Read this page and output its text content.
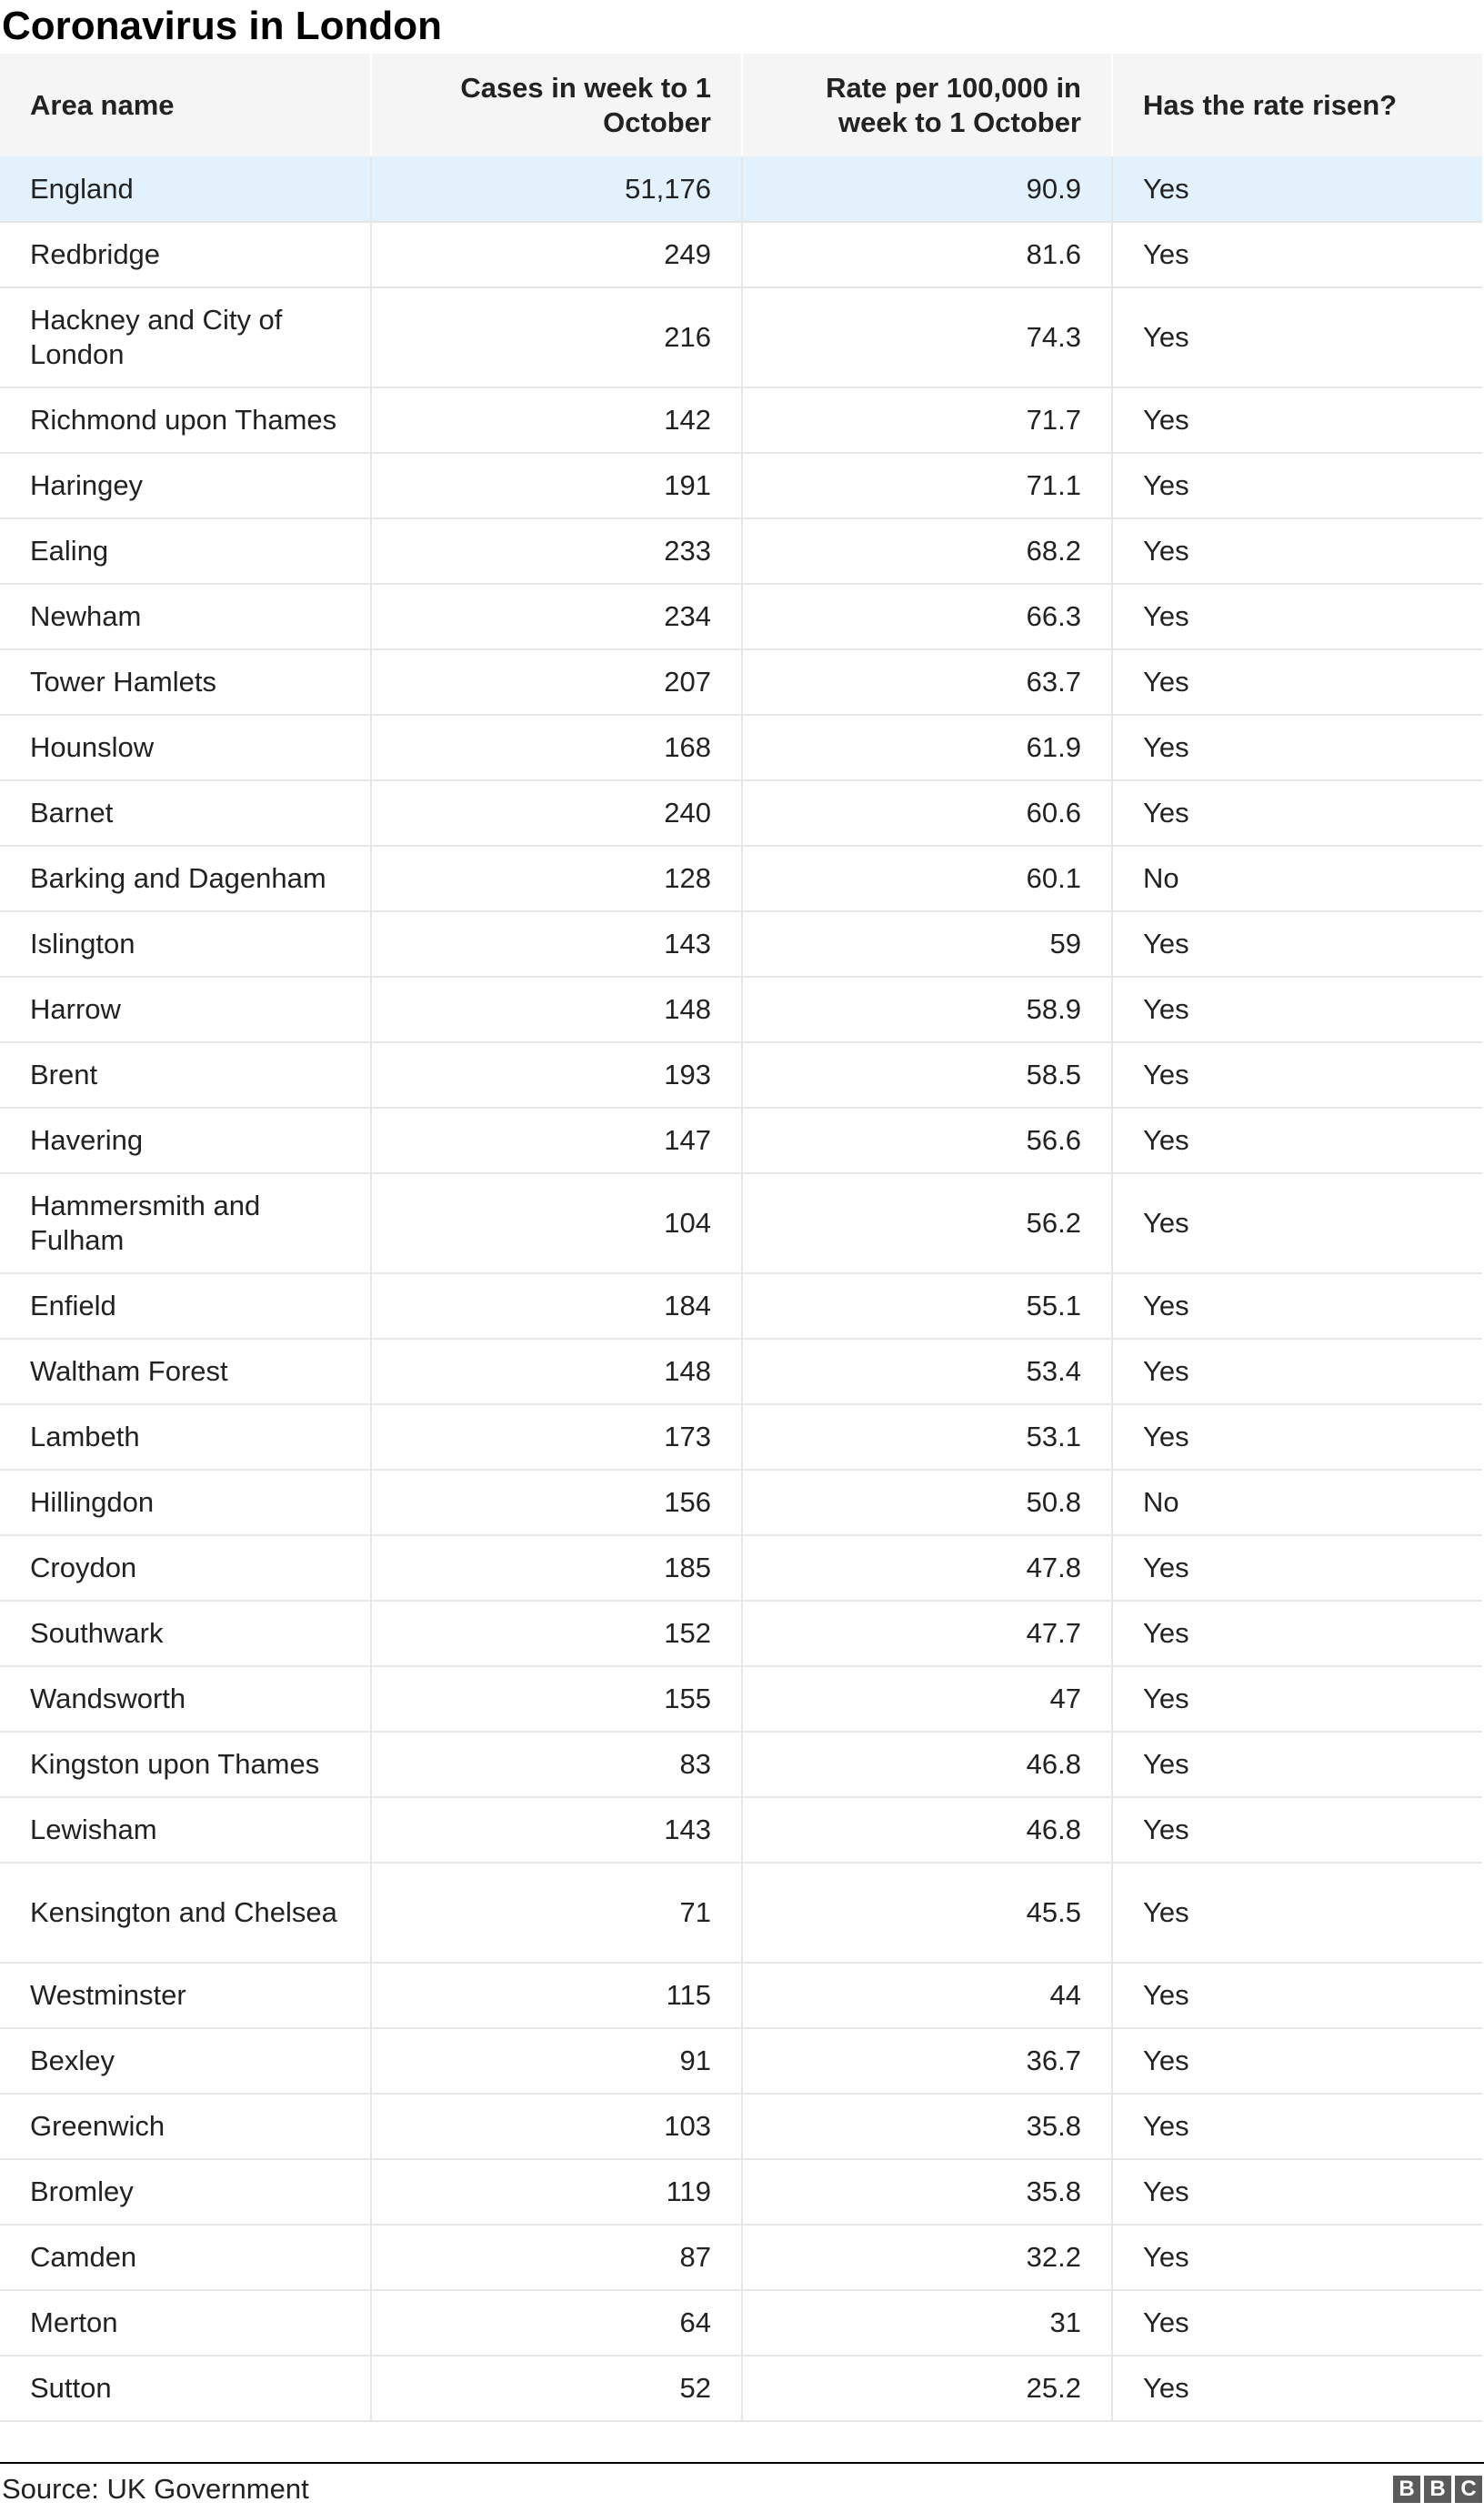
Coronavirus in London
Area name	Cases in week to 1 October	Rate per 100,000 in week to 1 October	Has the rate risen?
England	51,176	90.9	Yes
Redbridge	249	81.6	Yes
Hackney and City of London	216	74.3	Yes
Richmond upon Thames	142	71.7	Yes
Haringey	191	71.1	Yes
Ealing	233	68.2	Yes
Newham	234	66.3	Yes
Tower Hamlets	207	63.7	Yes
Hounslow	168	61.9	Yes
Barnet	240	60.6	Yes
Barking and Dagenham	128	60.1	No
Islington	143	59	Yes
Harrow	148	58.9	Yes
Brent	193	58.5	Yes
Havering	147	56.6	Yes
Hammersmith and Fulham	104	56.2	Yes
Enfield	184	55.1	Yes
Waltham Forest	148	53.4	Yes
Lambeth	173	53.1	Yes
Hillingdon	156	50.8	No
Croydon	185	47.8	Yes
Southwark	152	47.7	Yes
Wandsworth	155	47	Yes
Kingston upon Thames	83	46.8	Yes
Lewisham	143	46.8	Yes
Kensington and Chelsea	71	45.5	Yes
Westminster	115	44	Yes
Bexley	91	36.7	Yes
Greenwich	103	35.8	Yes
Bromley	119	35.8	Yes
Camden	87	32.2	Yes
Merton	64	31	Yes
Sutton	52	25.2	Yes
Source: UK Government	B B C
